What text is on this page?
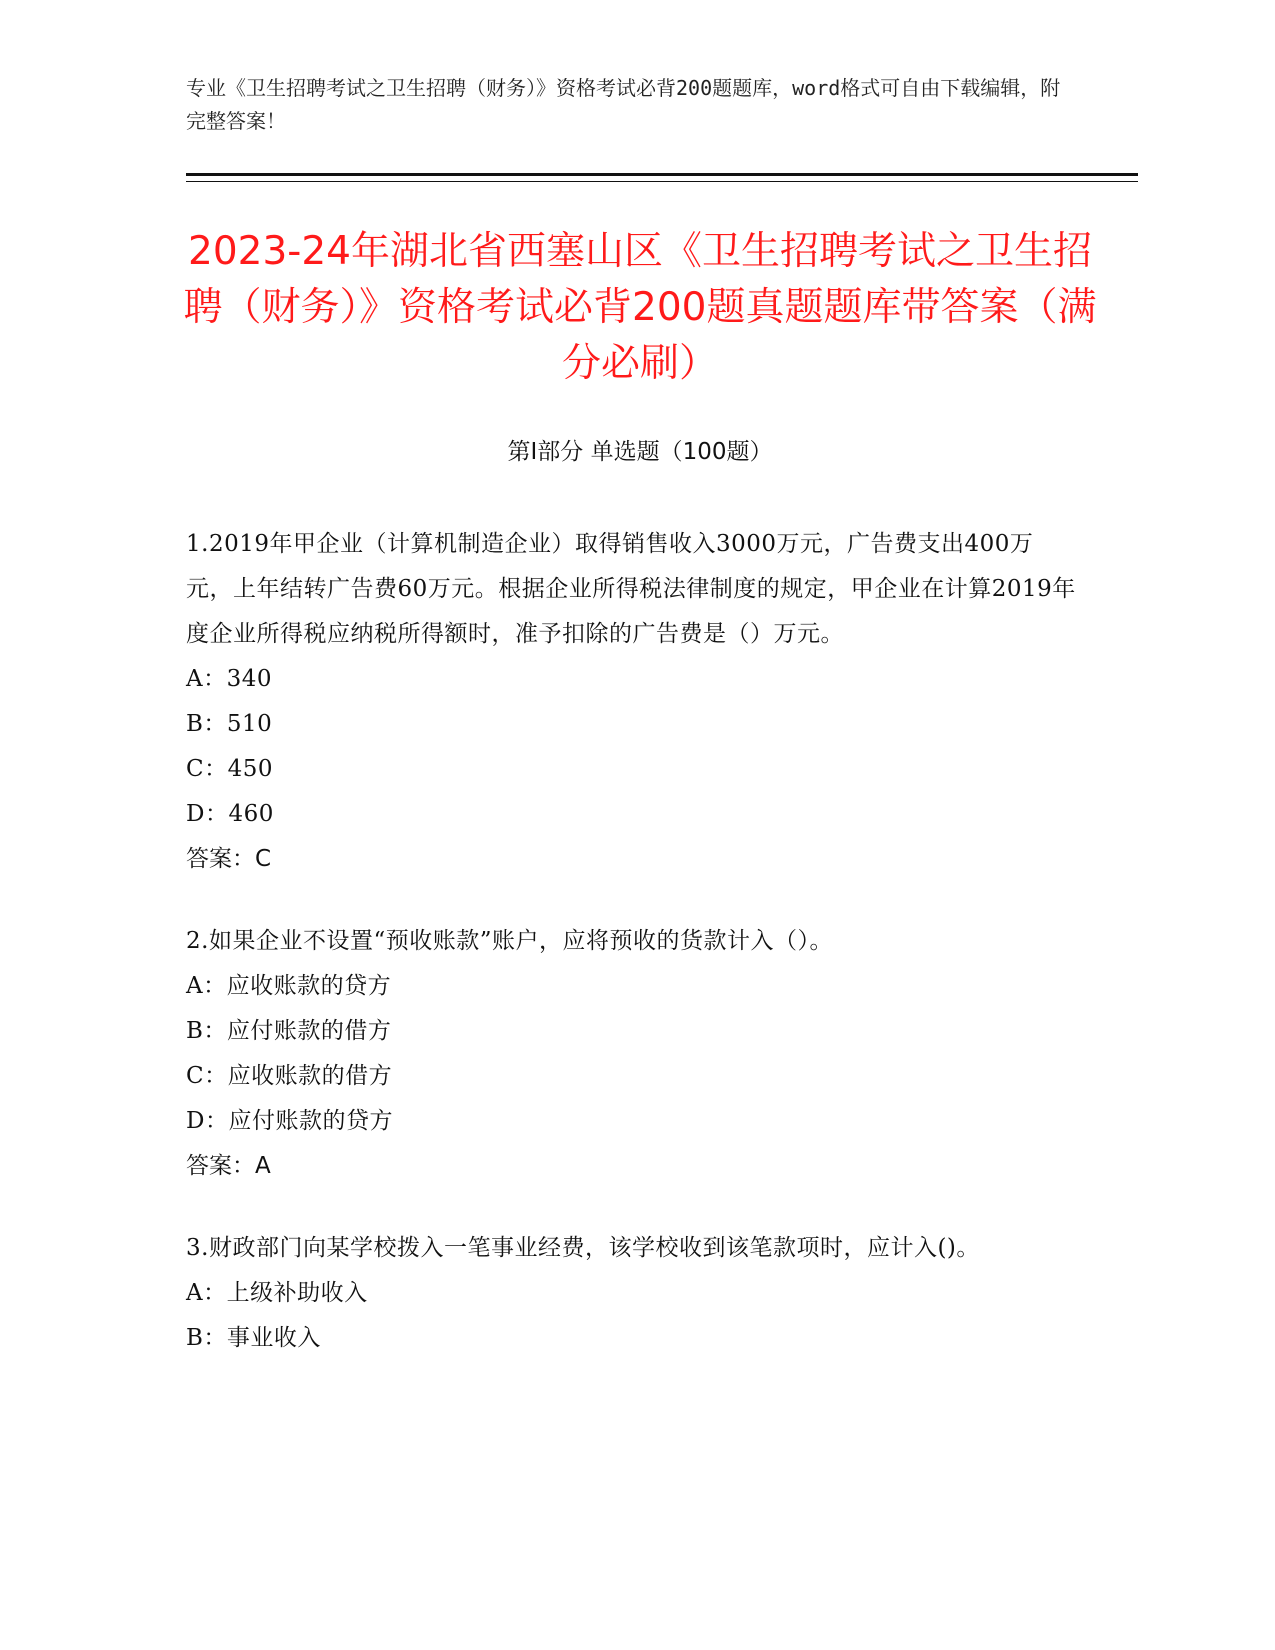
专业《卫生招聘考试之卫生招聘（财务）》资格考试必背200题题库，word格式可自由下载编辑，附完整答案！

2023-24年湖北省西塞山区《卫生招聘考试之卫生招聘（财务）》资格考试必背200题真题题库带答案（满分必刷）
第I部分 单选题（100题）

1.2019年甲企业（计算机制造企业）取得销售收入3000万元，广告费支出400万元，上年结转广告费60万元。根据企业所得税法律制度的规定，甲企业在计算2019年度企业所得税应纳税所得额时，准予扣除的广告费是（）万元。

A：340

B：510

C：450

D：460

答案：C

2.如果企业不设置“预收账款”账户，应将预收的货款计入（）。

A：应收账款的贷方

B：应付账款的借方

C：应收账款的借方

D：应付账款的贷方

答案：A

3.财政部门向某学校拨入一笔事业经费，该学校收到该笔款项时，应计入()。

A：上级补助收入

B：事业收入
